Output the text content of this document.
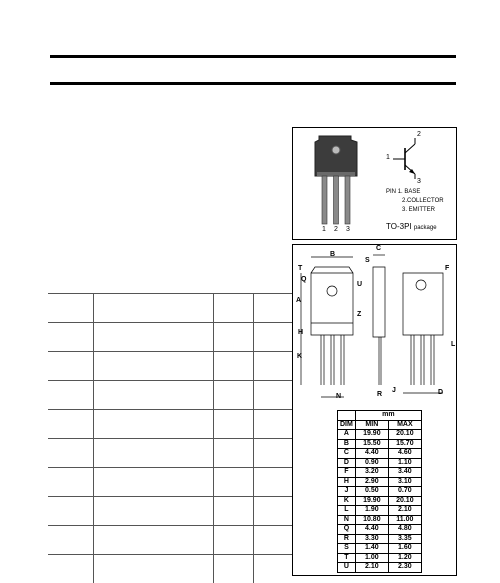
2
1
3
PIN 1. BASE
2.COLLECTOR
3. EMITTER
TO-3PI package
1 2 3
B
C
S
T
Q
U
A
H
Z
K
N	R
J
F
L
D
	mm	
DIM	MIN	MAX
A	19.90	20.10
B	15.50	15.70
C	4.40	4.60
D	0.90	1.10
F	3.20	3.40
H	2.90	3.10
J	0.50	0.70
K	19.90	20.10
L	1.90	2.10
N	10.80	11.00
Q	4.40	4.80
R	3.30	3.35
S	1.40	1.60
T	1.00	1.20
U	2.10	2.30
